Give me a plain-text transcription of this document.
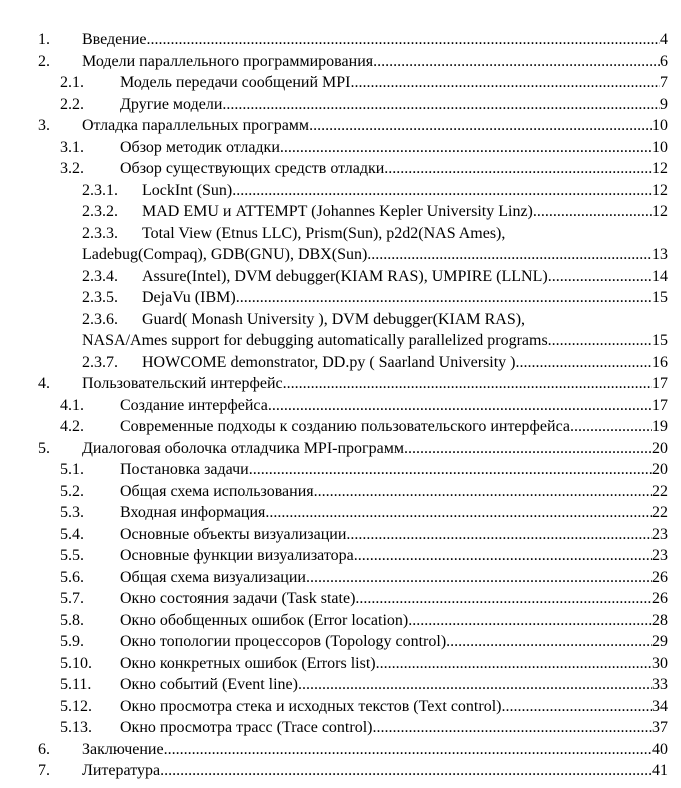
1. Введение .....	4
2. Модели параллельного программирования .....	6
2.1. Модель передачи сообщений MPI. .....	7
2.2. Другие модели. .....	9
3. Отладка параллельных программ .....	10
3.1. Обзор методик отладки .....	10
3.2. Обзор существующих средств отладки .....	12
2.3.1. LockInt (Sun) .....	12
2.3.2. MAD EMU и ATTEMPT (Johannes Kepler University Linz) .....	12
2.3.3. Total View (Etnus LLC), Prism(Sun), p2d2(NAS Ames),
Ladebug(Compaq), GDB(GNU), DBX(Sun) .....	13
2.3.4. Assure(Intel), DVM debugger(KIAM RAS), UMPIRE (LLNL) .....	14
2.3.5. DejaVu (IBM) .....	15
2.3.6. Guard( Monash University ), DVM debugger(KIAM RAS),
NASA/Ames support for debugging automatically parallelized programs .....	15
2.3.7. HOWCOME demonstrator, DD.py ( Saarland University ) .....	16
4. Пользовательский интерфейс .....	17
4.1. Создание интерфейса .....	17
4.2. Современные подходы к созданию пользовательского интерфейса .....	19
5. Диалоговая оболочка отладчика MPI-программ. .....	20
5.1. Постановка задачи .....	20
5.2. Общая схема использования .....	22
5.3. Входная информация .....	22
5.4. Основные объекты визуализации .....	23
5.5. Основные функции визуализатора .....	23
5.6. Общая схема визуализации .....	26
5.7. Окно состояния задачи (Task state) .....	26
5.8. Окно обобщенных ошибок (Error location) .....	28
5.9. Окно топологии процессоров (Topology control) .....	29
5.10. Окно конкретных ошибок (Errors list) .....	30
5.11. Окно событий (Event line) .....	33
5.12. Окно просмотра стека и исходных текстов (Text control) .....	34
5.13. Окно просмотра трасс (Trace control) .....	37
6. Заключение .....	40
7. Литература .....	41
